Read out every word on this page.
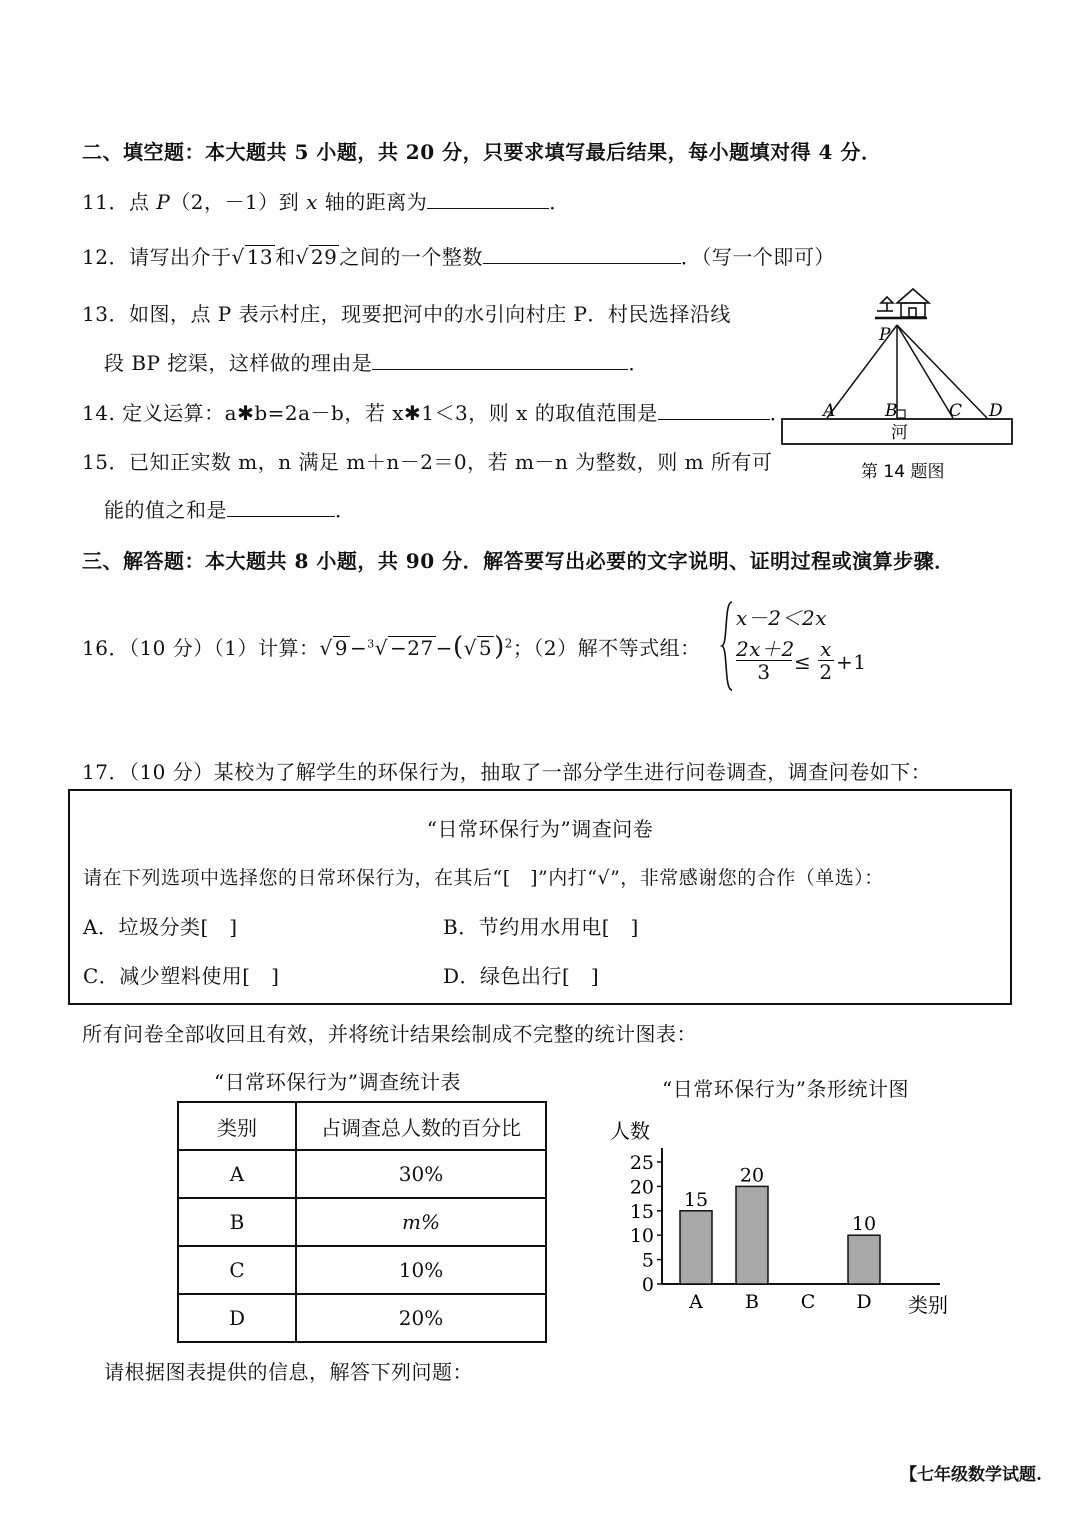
二、填空题：本大题共 5 小题，共 20 分，只要求填写最后结果，每小题填对得 4 分．
11．点 P（2，－1）到 x 轴的距离为	．
12．请写出介于√ 13 和√ 29 之间的一个整数	．（写一个即可）
13．如图，点 P 表示村庄，现要把河中的水引向村庄 P．村民选择沿线
段 BP 挖渠，这样做的理由是	．
14. 定义运算：a✱b=2a－b，若 x✱1＜3，则 x 的取值范围是	．
15．已知正实数 m，n 满足 m＋n－2＝0，若 m－n 为整数，则 m 所有可
能的值之和是	．
P
A	B	C D
河
第 14 题图
三、解答题：本大题共 8 小题，共 90 分．解答要写出必要的文字说明、证明过程或演算步骤．
16．（10 分）（1）计算：√ 9 −$^3$√ −27 −(√ 5)$^2$；（2）解不等式组：
x－2＜2x
2x＋2
3	≤
x
2 +1
17．（10 分）某校为了解学生的环保行为，抽取了一部分学生进行问卷调查，调查问卷如下：
“日常环保行为”调查问卷
请在下列选项中选择您的日常环保行为，在其后“[　]”内打“√”，非常感谢您的合作（单选）：
A．垃圾分类[　]	B．节约用水用电[　]
C．减少塑料使用[　]	D．绿色出行[　]
所有问卷全部收回且有效，并将统计结果绘制成不完整的统计图表：
“日常环保行为”调查统计表
类别	占调查总人数的百分比
A	30%
B	m%
C	10%
D	20%
“日常环保行为”条形统计图
人数
类别
0
5
10
15
20
25
15
A
20
B C
10
D
请根据图表提供的信息，解答下列问题：
【七年级数学试题.
